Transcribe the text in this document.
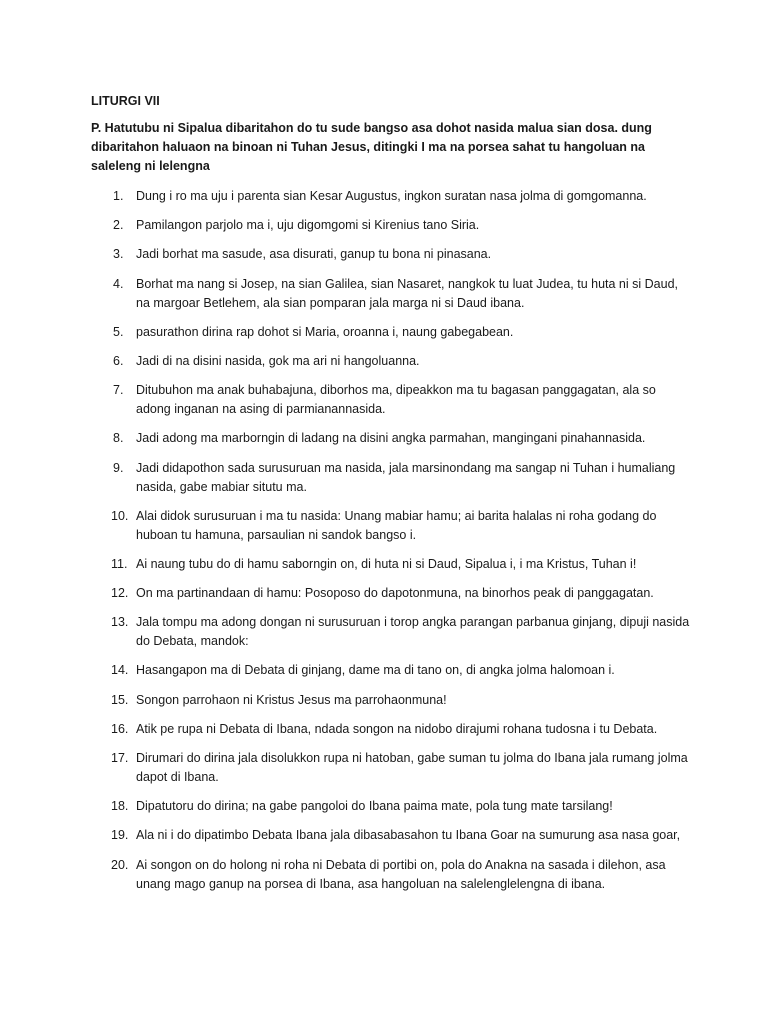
LITURGI VII
P. Hatutubu ni Sipalua dibaritahon do tu sude bangso asa dohot nasida malua sian dosa. dung dibaritahon haluaon na binoan ni Tuhan Jesus, ditingki I ma na porsea sahat tu hangoluan na saleleng ni lelengna
1.	Dung i ro ma uju i parenta sian Kesar Augustus, ingkon suratan nasa jolma di gomgomanna.
2.	Pamilangon parjolo ma i, uju digomgomi si Kirenius tano Siria.
3.	Jadi borhat ma sasude, asa disurati, ganup tu bona ni pinasana.
4.	Borhat ma nang si Josep, na sian Galilea, sian Nasaret, nangkok tu luat Judea, tu huta ni si Daud, na margoar Betlehem, ala sian pomparan jala marga ni si Daud ibana.
5.	pasurathon dirina rap dohot si Maria, oroanna i, naung gabegabean.
6.	Jadi di na disini nasida, gok ma ari ni hangoluanna.
7.	Ditubuhon ma anak buhabajuna, diborhos ma, dipeakkon ma tu bagasan panggagatan, ala so adong inganan na asing di parmianannasida.
8.	Jadi adong ma marborngin di ladang na disini angka parmahan, mangingani pinahannasida.
9.	Jadi didapothon sada surusuruan ma nasida, jala marsinondang ma sangap ni Tuhan i humaliang nasida, gabe mabiar situtu ma.
10. Alai didok surusuruan i ma tu nasida: Unang mabiar hamu; ai barita halalas ni roha godang do huboan tu hamuna, parsaulian ni sandok bangso i.
11. Ai naung tubu do di hamu saborngin on, di huta ni si Daud, Sipalua i, i ma Kristus, Tuhan i!
12. On ma partinandaan di hamu: Posoposo do dapotonmuna, na binorhos peak di panggagatan.
13. Jala tompu ma adong dongan ni surusuruan i torop angka parangan parbanua ginjang, dipuji nasida do Debata, mandok:
14. Hasangapon ma di Debata di ginjang, dame ma di tano on, di angka jolma halomoan i.
15. Songon parrohaon ni Kristus Jesus ma parrohaonmuna!
16. Atik pe rupa ni Debata di Ibana, ndada songon na nidobo dirajumi rohana tudosna i tu Debata.
17. Dirumari do dirina jala disolukkon rupa ni hatoban, gabe suman tu jolma do Ibana jala rumang jolma dapot di Ibana.
18. Dipatutoru do dirina; na gabe pangoloi do Ibana paima mate, pola tung mate tarsilang!
19. Ala ni i do dipatimbo Debata Ibana jala dibasabasahon tu Ibana Goar na sumurung asa nasa goar,
20. Ai songon on do holong ni roha ni Debata di portibi on, pola do Anakna na sasada i dilehon, asa unang mago ganup na porsea di Ibana, asa hangoluan na salelenglelengna di ibana.
